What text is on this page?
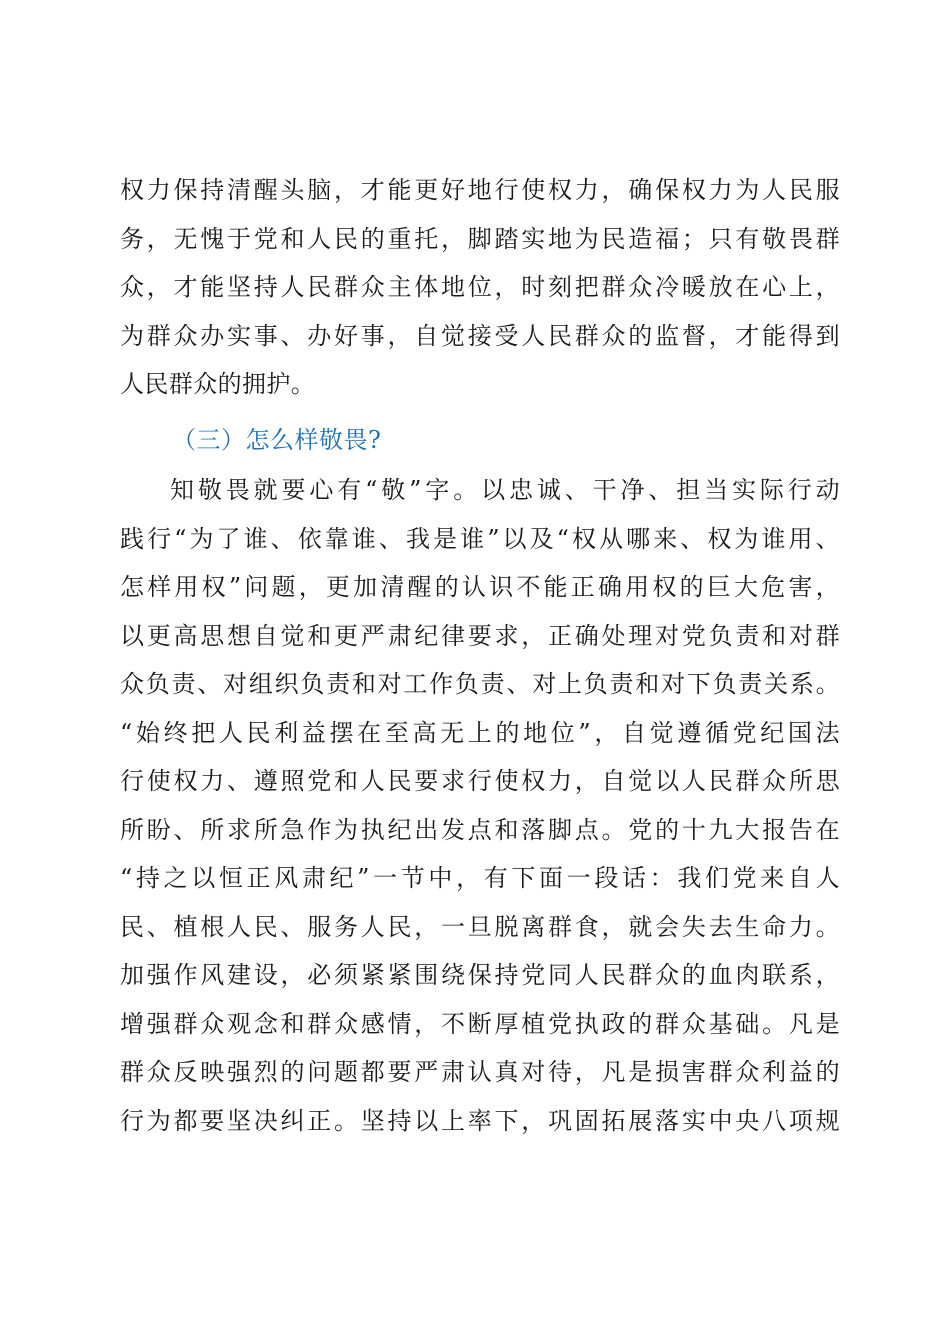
权力保持清醒头脑，才能更好地行使权力，确保权力为人民服
务，无愧于党和人民的重托，脚踏实地为民造福；只有敬畏群
众，才能坚持人民群众主体地位，时刻把群众冷暖放在心上，
为群众办实事、办好事，自觉接受人民群众的监督，才能得到
人民群众的拥护。
（三）怎么样敬畏?
知敬畏就要心有“敬”字。以忠诚、干净、担当实际行动
践行“为了谁、依靠谁、我是谁”以及“权从哪来、权为谁用、
怎样用权”问题，更加清醒的认识不能正确用权的巨大危害，
以更高思想自觉和更严肃纪律要求，正确处理对党负责和对群
众负责、对组织负责和对工作负责、对上负责和对下负责关系。
“始终把人民利益摆在至高无上的地位”，自觉遵循党纪国法
行使权力、遵照党和人民要求行使权力，自觉以人民群众所思
所盼、所求所急作为执纪出发点和落脚点。党的十九大报告在
“持之以恒正风肃纪”一节中，有下面一段话：我们党来自人
民、植根人民、服务人民，一旦脱离群食，就会失去生命力。
加强作风建设，必须紧紧围绕保持党同人民群众的血肉联系，
增强群众观念和群众感情，不断厚植党执政的群众基础。凡是
群众反映强烈的问题都要严肃认真对待，凡是损害群众利益的
行为都要坚决纠正。坚持以上率下，巩固拓展落实中央八项规
